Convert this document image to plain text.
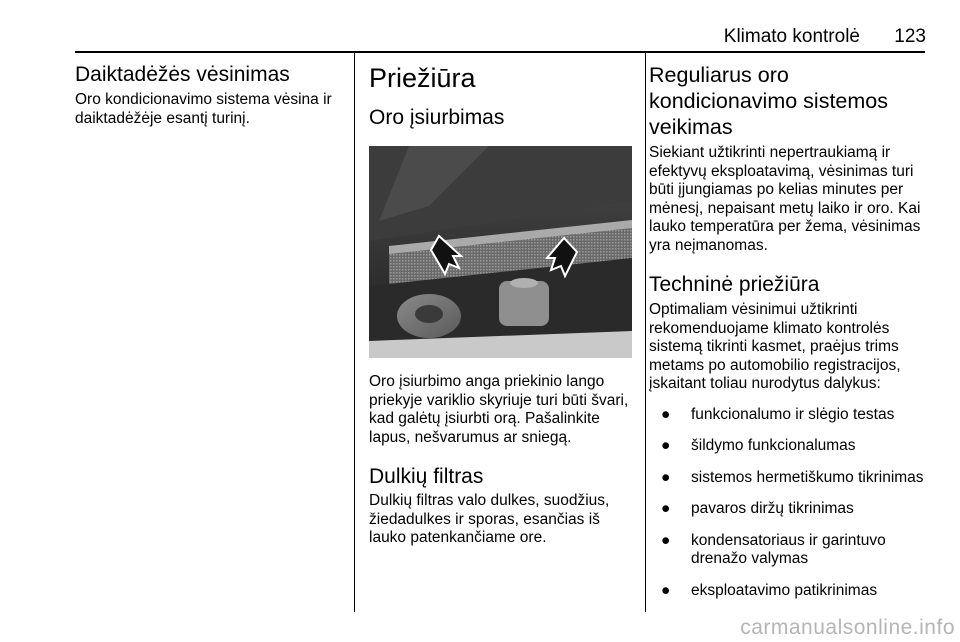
Klimato kontrolė	123
Daiktadėžės vėsinimas

Oro kondicionavimo sistema vėsina ir daiktadėžėje esantį turinį.

Priežiūra
Oro įsiurbimas

Oro įsiurbimo anga priekinio lango priekyje variklio skyriuje turi būti švari, kad galėtų įsiurbti orą. Pašalinkite lapus, nešvarumus ar sniegą.

Dulkių filtras

Dulkių filtras valo dulkes, suodžius, žiedadulkes ir sporas, esančias iš lauko patenkančiame ore.

Reguliarus oro kondicionavimo sistemos veikimas

Siekiant užtikrinti nepertraukiamą ir efektyvų eksploatavimą, vėsinimas turi būti įjungiamas po kelias minutes per mėnesį, nepaisant metų laiko ir oro. Kai lauko temperatūra per žema, vėsinimas yra neįmanomas.

Techninė priežiūra

Optimaliam vėsinimui užtikrinti rekomenduojame klimato kontrolės sistemą tikrinti kasmet, praėjus trims metams po automobilio registracijos, įskaitant toliau nurodytus dalykus:

● funkcionalumo ir slėgio testas
● šildymo funkcionalumas
● sistemos hermetiškumo tikrinimas
● pavaros diržų tikrinimas
● kondensatoriaus ir garintuvo drenažo valymas
● eksploatavimo patikrinimas
carmanualsonline.info
